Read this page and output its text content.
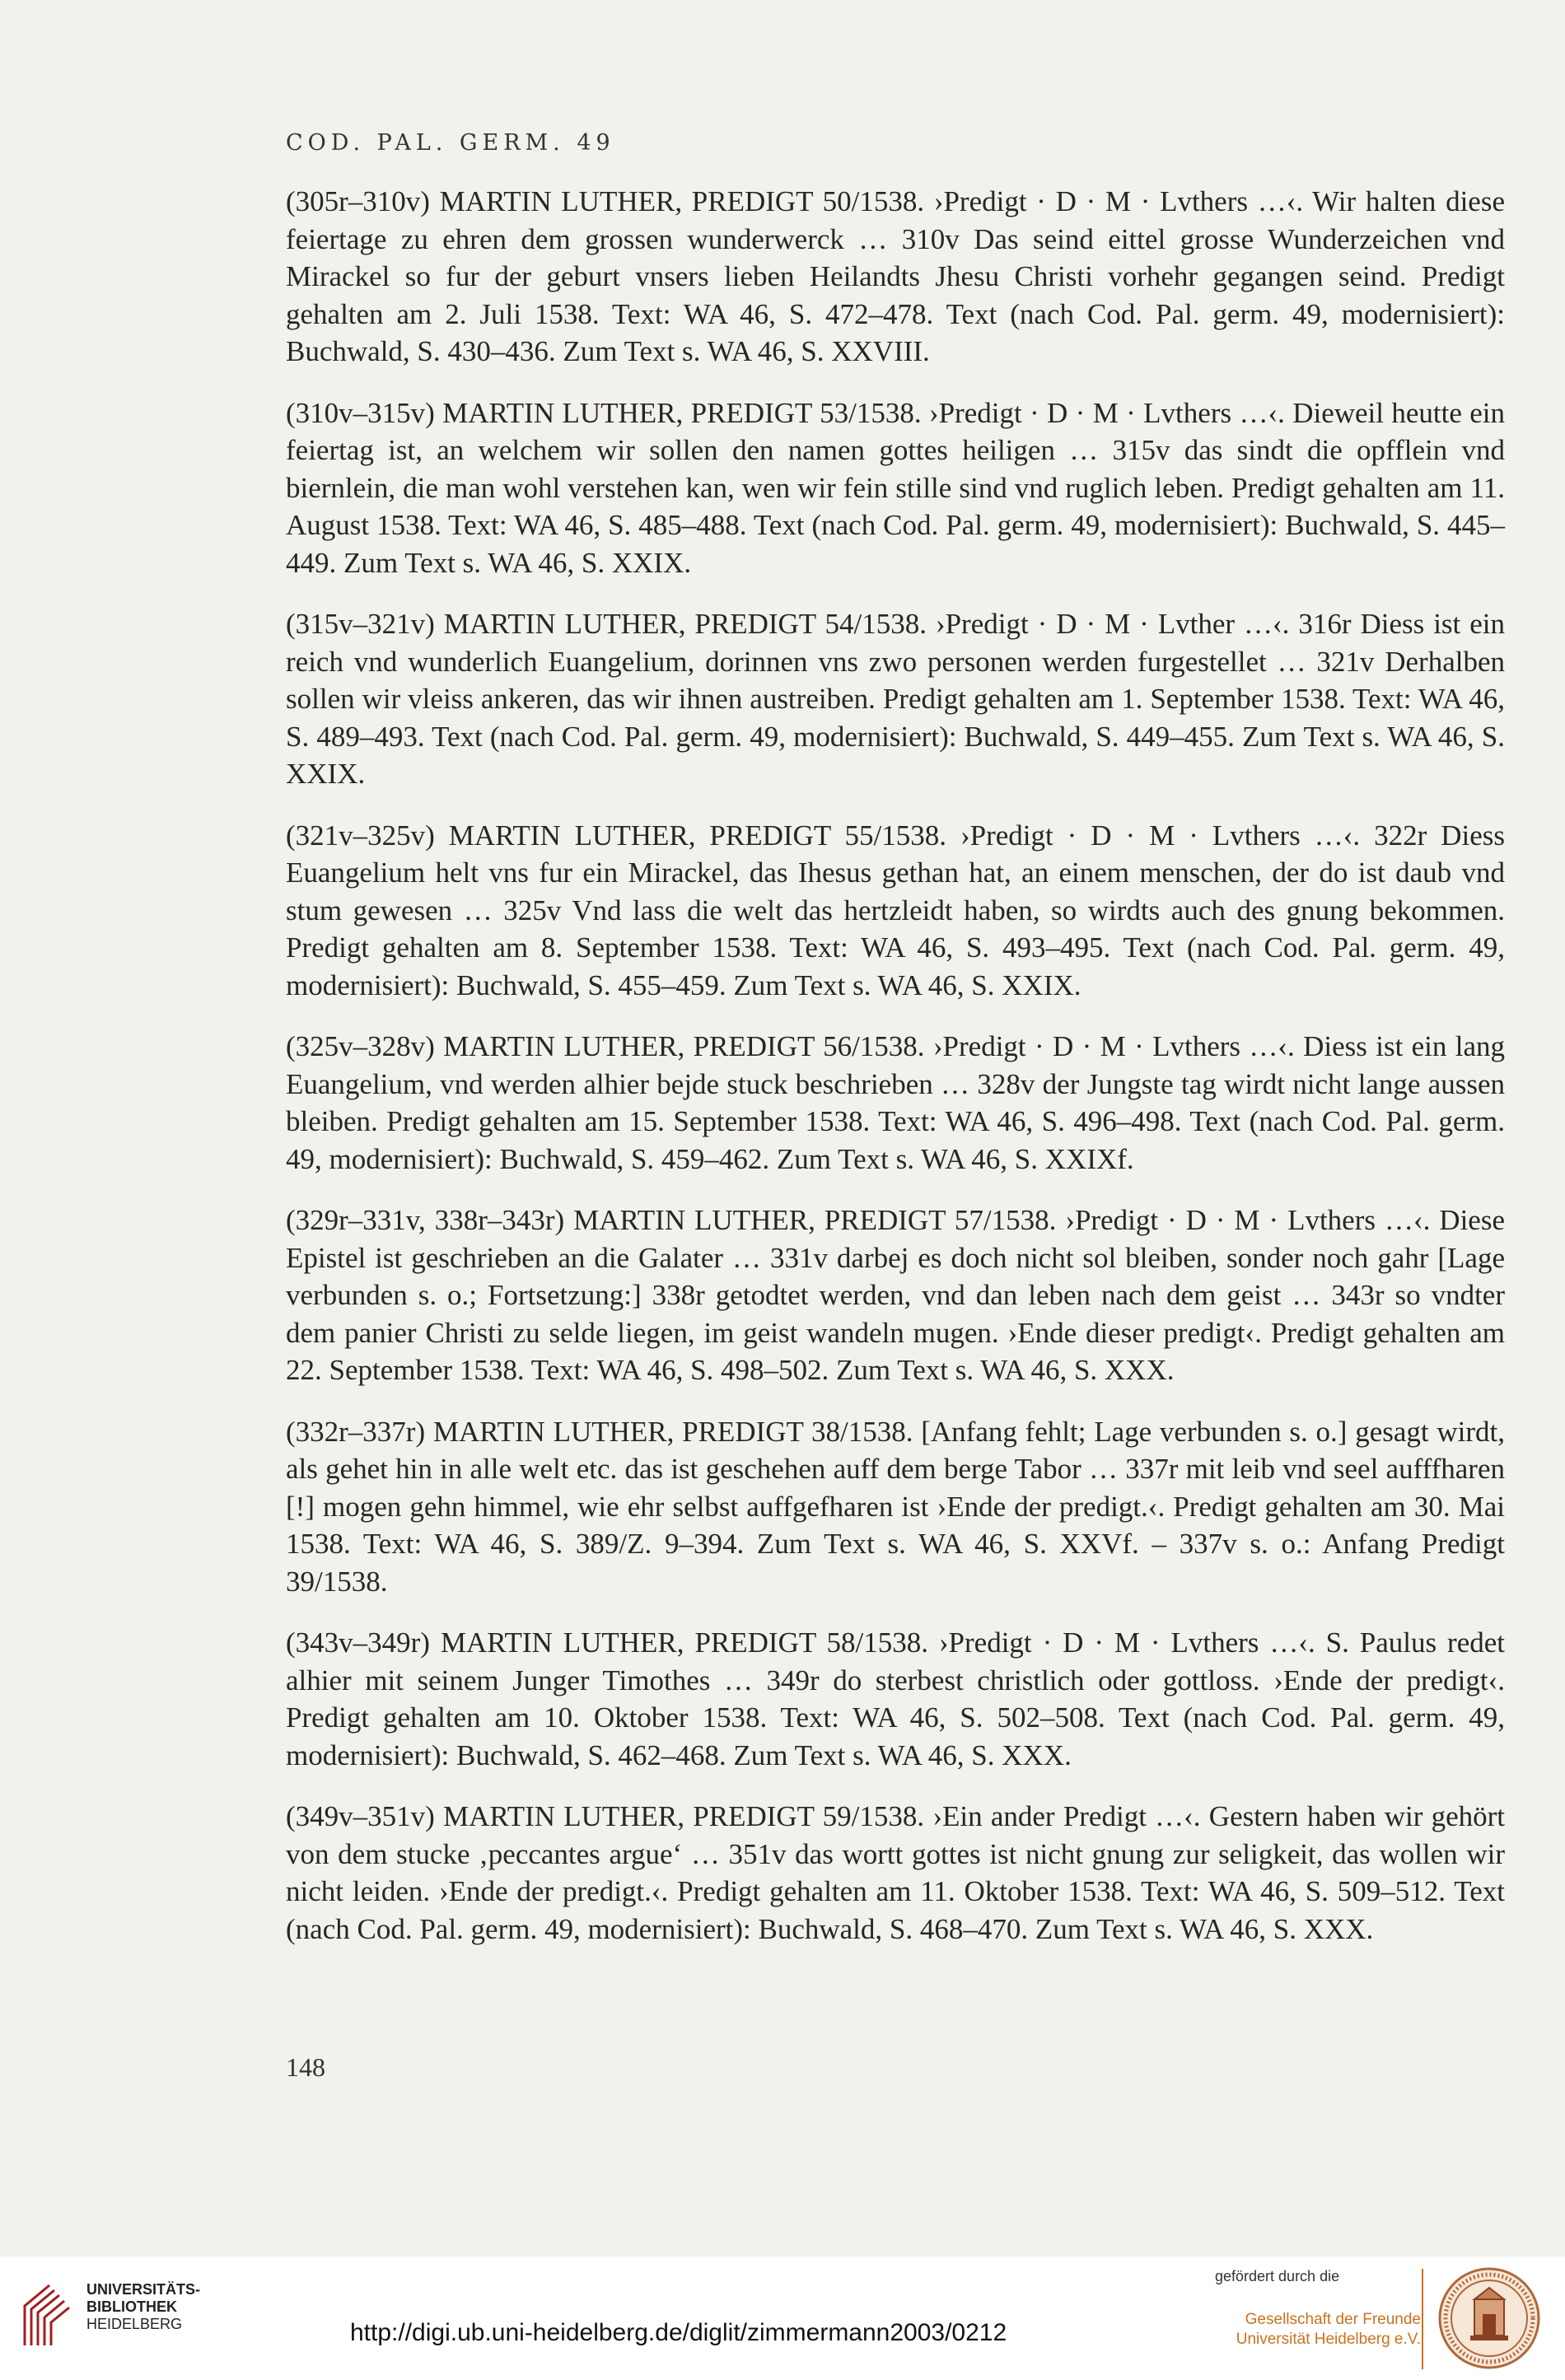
COD. PAL. GERM. 49

(305r–310v) MARTIN LUTHER, PREDIGT 50/1538. ›Predigt · D · M · Lvthers …‹. Wir halten diese feiertage zu ehren dem grossen wunderwerck … 310v Das seind eittel grosse Wunderzeichen vnd Mirackel so fur der geburt vnsers lieben Heilandts Jhesu Christi vorhehr gegangen seind. Predigt gehalten am 2. Juli 1538. Text: WA 46, S. 472–478. Text (nach Cod. Pal. germ. 49, modernisiert): Buchwald, S. 430–436. Zum Text s. WA 46, S. XXVIII.

(310v–315v) MARTIN LUTHER, PREDIGT 53/1538. ›Predigt · D · M · Lvthers …‹. Dieweil heutte ein feiertag ist, an welchem wir sollen den namen gottes heiligen … 315v das sindt die opfflein vnd biernlein, die man wohl verstehen kan, wen wir fein stille sind vnd ruglich leben. Predigt gehalten am 11. August 1538. Text: WA 46, S. 485–488. Text (nach Cod. Pal. germ. 49, modernisiert): Buchwald, S. 445–449. Zum Text s. WA 46, S. XXIX.

(315v–321v) MARTIN LUTHER, PREDIGT 54/1538. ›Predigt · D · M · Lvther …‹. 316r Diess ist ein reich vnd wunderlich Euangelium, dorinnen vns zwo personen werden furgestellet … 321v Derhalben sollen wir vleiss ankeren, das wir ihnen austreiben. Predigt gehalten am 1. September 1538. Text: WA 46, S. 489–493. Text (nach Cod. Pal. germ. 49, modernisiert): Buchwald, S. 449–455. Zum Text s. WA 46, S. XXIX.

(321v–325v) MARTIN LUTHER, PREDIGT 55/1538. ›Predigt · D · M · Lvthers …‹. 322r Diess Euangelium helt vns fur ein Mirackel, das Ihesus gethan hat, an einem menschen, der do ist daub vnd stum gewesen … 325v Vnd lass die welt das hertzleidt haben, so wirdts auch des gnung bekommen. Predigt gehalten am 8. September 1538. Text: WA 46, S. 493–495. Text (nach Cod. Pal. germ. 49, modernisiert): Buchwald, S. 455–459. Zum Text s. WA 46, S. XXIX.

(325v–328v) MARTIN LUTHER, PREDIGT 56/1538. ›Predigt · D · M · Lvthers …‹. Diess ist ein lang Euangelium, vnd werden alhier bejde stuck beschrieben … 328v der Jungste tag wirdt nicht lange aussen bleiben. Predigt gehalten am 15. September 1538. Text: WA 46, S. 496–498. Text (nach Cod. Pal. germ. 49, modernisiert): Buchwald, S. 459–462. Zum Text s. WA 46, S. XXIXf.

(329r–331v, 338r–343r) MARTIN LUTHER, PREDIGT 57/1538. ›Predigt · D · M · Lvthers …‹. Diese Epistel ist geschrieben an die Galater … 331v darbej es doch nicht sol bleiben, sonder noch gahr [Lage verbunden s. o.; Fortsetzung:] 338r getodtet werden, vnd dan leben nach dem geist … 343r so vndter dem panier Christi zu selde liegen, im geist wandeln mugen. ›Ende dieser predigt‹. Predigt gehalten am 22. September 1538. Text: WA 46, S. 498–502. Zum Text s. WA 46, S. XXX.

(332r–337r) MARTIN LUTHER, PREDIGT 38/1538. [Anfang fehlt; Lage verbunden s. o.] gesagt wirdt, als gehet hin in alle welt etc. das ist geschehen auff dem berge Tabor … 337r mit leib vnd seel aufffharen [!] mogen gehn himmel, wie ehr selbst auffgefharen ist ›Ende der predigt.‹. Predigt gehalten am 30. Mai 1538. Text: WA 46, S. 389/Z. 9–394. Zum Text s. WA 46, S. XXVf. – 337v s. o.: Anfang Predigt 39/1538.

(343v–349r) MARTIN LUTHER, PREDIGT 58/1538. ›Predigt · D · M · Lvthers …‹. S. Paulus redet alhier mit seinem Junger Timothes … 349r do sterbest christlich oder gottloss. ›Ende der predigt‹. Predigt gehalten am 10. Oktober 1538. Text: WA 46, S. 502–508. Text (nach Cod. Pal. germ. 49, modernisiert): Buchwald, S. 462–468. Zum Text s. WA 46, S. XXX.

(349v–351v) MARTIN LUTHER, PREDIGT 59/1538. ›Ein ander Predigt …‹. Gestern haben wir gehört von dem stucke ‚peccantes argue‘ … 351v das wortt gottes ist nicht gnung zur seligkeit, das wollen wir nicht leiden. ›Ende der predigt.‹. Predigt gehalten am 11. Oktober 1538. Text: WA 46, S. 509–512. Text (nach Cod. Pal. germ. 49, modernisiert): Buchwald, S. 468–470. Zum Text s. WA 46, S. XXX.

148
UNIVERSITÄTS-
BIBLIOTHEK
HEIDELBERG	http://digi.ub.uni-heidelberg.de/diglit/zimmermann2003/0212
gefördert durch die
Gesellschaft der Freunde
Universität Heidelberg e.V.
